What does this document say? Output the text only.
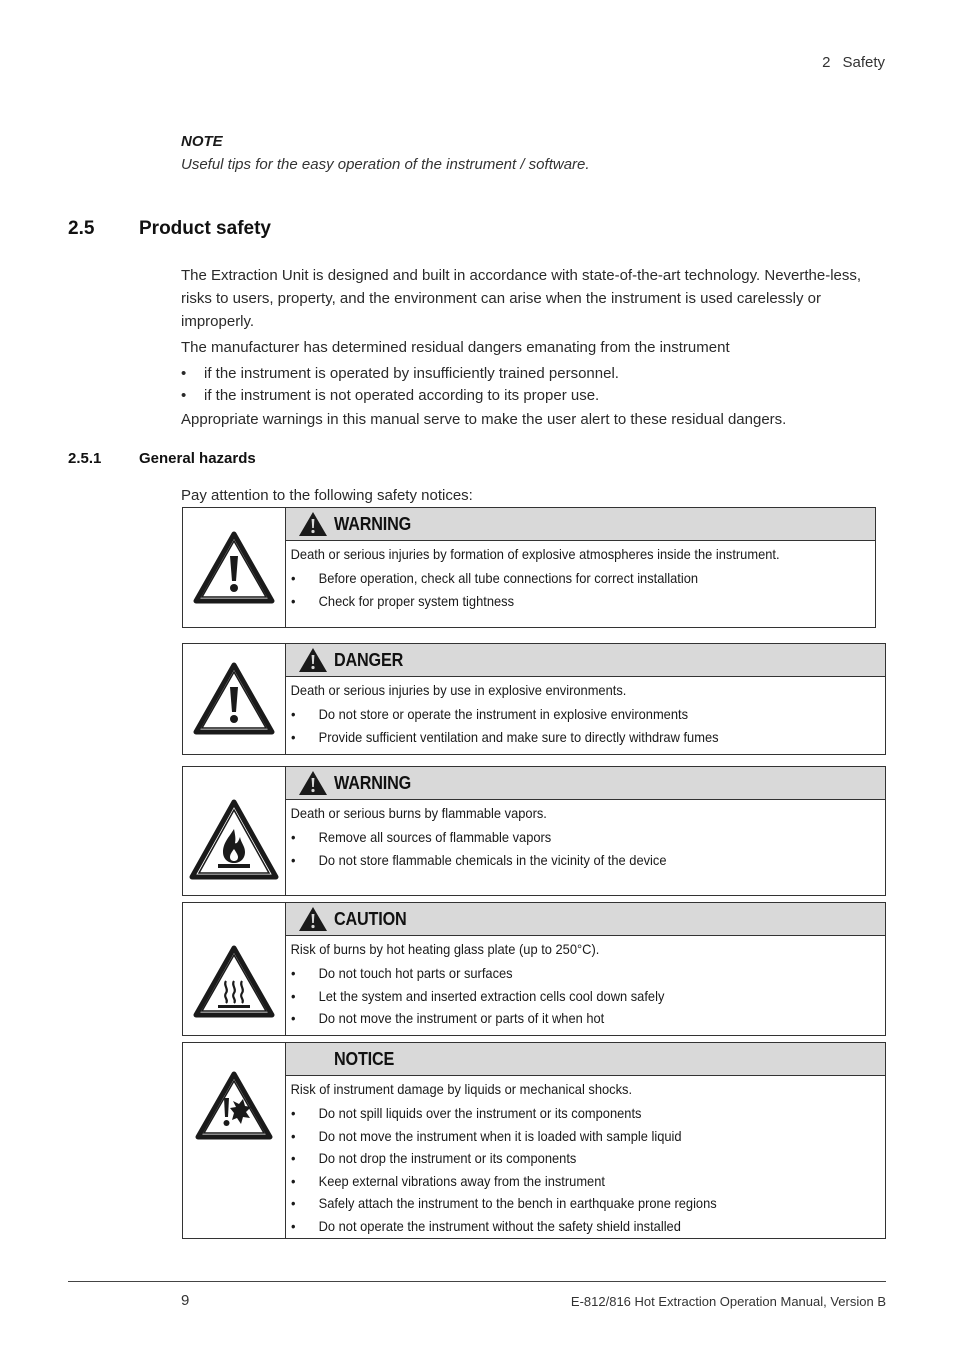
2 Safety
NOTE
Useful tips for the easy operation of the instrument / software.
2.5 Product safety
The Extraction Unit is designed and built in accordance with state-of-the-art technology. Neverthe-less, risks to users, property, and the environment can arise when the instrument is used carelessly or improperly.
The manufacturer has determined residual dangers emanating from the instrument
• if the instrument is operated by insufficiently trained personnel.
• if the instrument is not operated according to its proper use.
Appropriate warnings in this manual serve to make the user alert to these residual dangers.
2.5.1	General hazards
Pay attention to the following safety notices:
WARNING
Death or serious injuries by formation of explosive atmospheres inside the instrument.
• Before operation, check all tube connections for correct installation
• Check for proper system tightness
DANGER
Death or serious injuries by use in explosive environments.
• Do not store or operate the instrument in explosive environments
• Provide sufficient ventilation and make sure to directly withdraw fumes
WARNING
Death or serious burns by flammable vapors.
• Remove all sources of flammable vapors
• Do not store flammable chemicals in the vicinity of the device
CAUTION
Risk of burns by hot heating glass plate (up to 250°C).
• Do not touch hot parts or surfaces
• Let the system and inserted extraction cells cool down safely
• Do not move the instrument or parts of it when hot
NOTICE
Risk of instrument damage by liquids or mechanical shocks.
• Do not spill liquids over the instrument or its components
• Do not move the instrument when it is loaded with sample liquid
• Do not drop the instrument or its components
• Keep external vibrations away from the instrument
• Safely attach the instrument to the bench in earthquake prone regions
• Do not operate the instrument without the safety shield installed
9	E-812/816 Hot Extraction Operation Manual, Version B
